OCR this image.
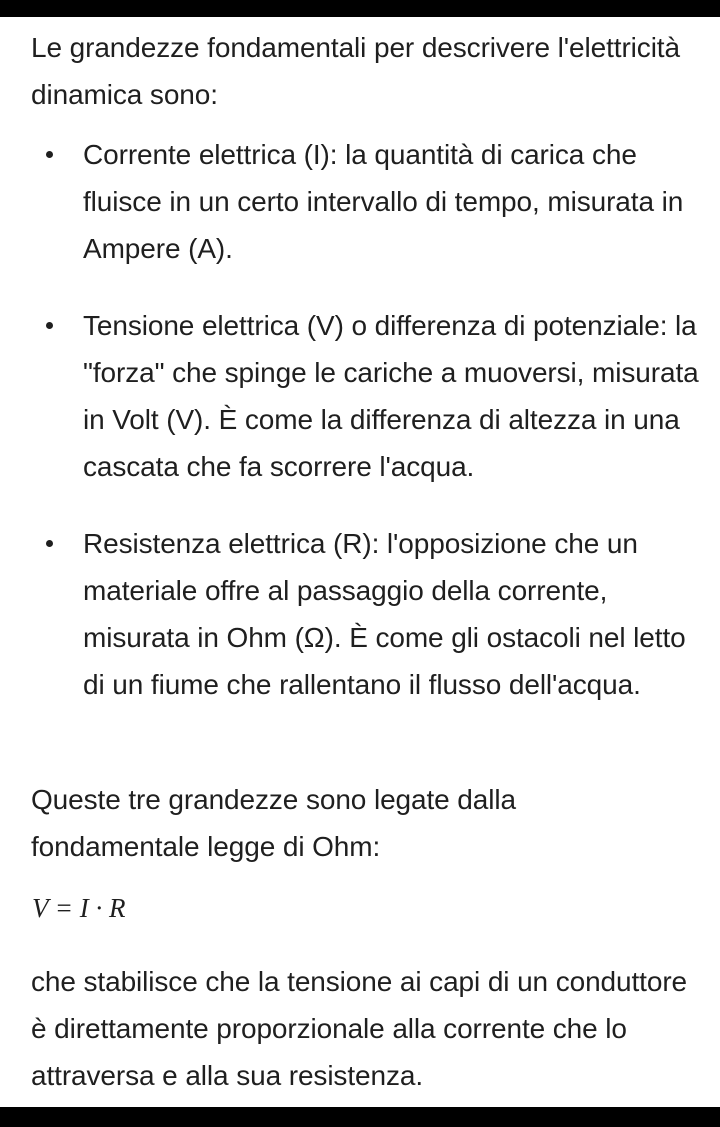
Le grandezze fondamentali per descrivere l'elettricità dinamica sono:

Corrente elettrica (I): la quantità di carica che fluisce in un certo intervallo di tempo, misurata in Ampere (A).
Tensione elettrica (V) o differenza di potenziale: la "forza" che spinge le cariche a muoversi, misurata in Volt (V). È come la differenza di altezza in una cascata che fa scorrere l'acqua.
Resistenza elettrica (R): l'opposizione che un materiale offre al passaggio della corrente, misurata in Ohm (Ω). È come gli ostacoli nel letto di un fiume che rallentano il flusso dell'acqua.

Queste tre grandezze sono legate dalla fondamentale legge di Ohm:

V = I · R

che stabilisce che la tensione ai capi di un conduttore è direttamente proporzionale alla corrente che lo attraversa e alla sua resistenza.
